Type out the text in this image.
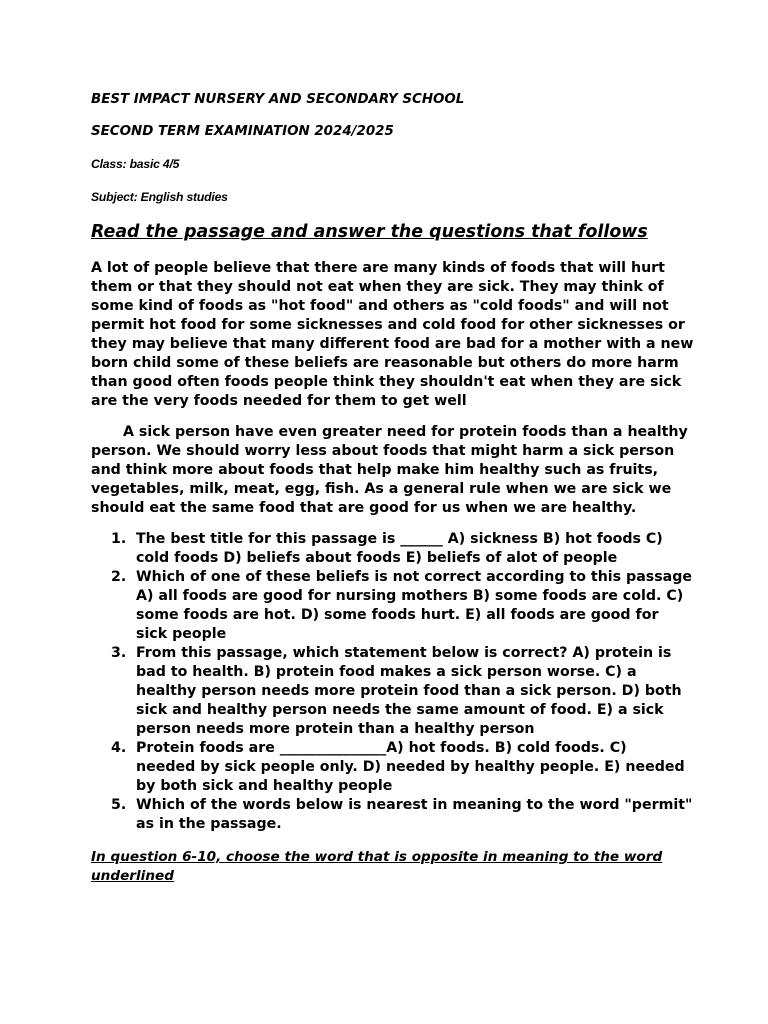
BEST IMPACT NURSERY AND SECONDARY SCHOOL
SECOND TERM EXAMINATION 2024/2025
Class: basic 4/5
Subject: English studies
Read the passage and answer the questions that follows
A lot of people believe that there are many kinds of foods that will hurt
them or that they should not eat when they are sick. They may think of
some kind of foods as "hot food" and others as "cold foods" and will not
permit hot food for some sicknesses and cold food for other sicknesses or
they may believe that many different food are bad for a mother with a new
born child some of these beliefs are reasonable but others do more harm
than good often foods people think they shouldn't eat when they are sick
are the very foods needed for them to get well
A sick person have even greater need for protein foods than a healthy
person. We should worry less about foods that might harm a sick person
and think more about foods that help make him healthy such as fruits,
vegetables, milk, meat, egg, fish. As a general rule when we are sick we
should eat the same food that are good for us when we are healthy.
1. The best title for this passage is ______ A) sickness B) hot foods C)
cold foods D) beliefs about foods E) beliefs of alot of people
2. Which of one of these beliefs is not correct according to this passage
A) all foods are good for nursing mothers B) some foods are cold. C)
some foods are hot. D) some foods hurt. E) all foods are good for
sick people
3. From this passage, which statement below is correct? A) protein is
bad to health. B) protein food makes a sick person worse. C) a
healthy person needs more protein food than a sick person. D) both
sick and healthy person needs the same amount of food. E) a sick
person needs more protein than a healthy person
4. Protein foods are _______________A) hot foods. B) cold foods. C)
needed by sick people only. D) needed by healthy people. E) needed
by both sick and healthy people
5. Which of the words below is nearest in meaning to the word "permit"
as in the passage.
In question 6-10, choose the word that is opposite in meaning to the word
underlined
